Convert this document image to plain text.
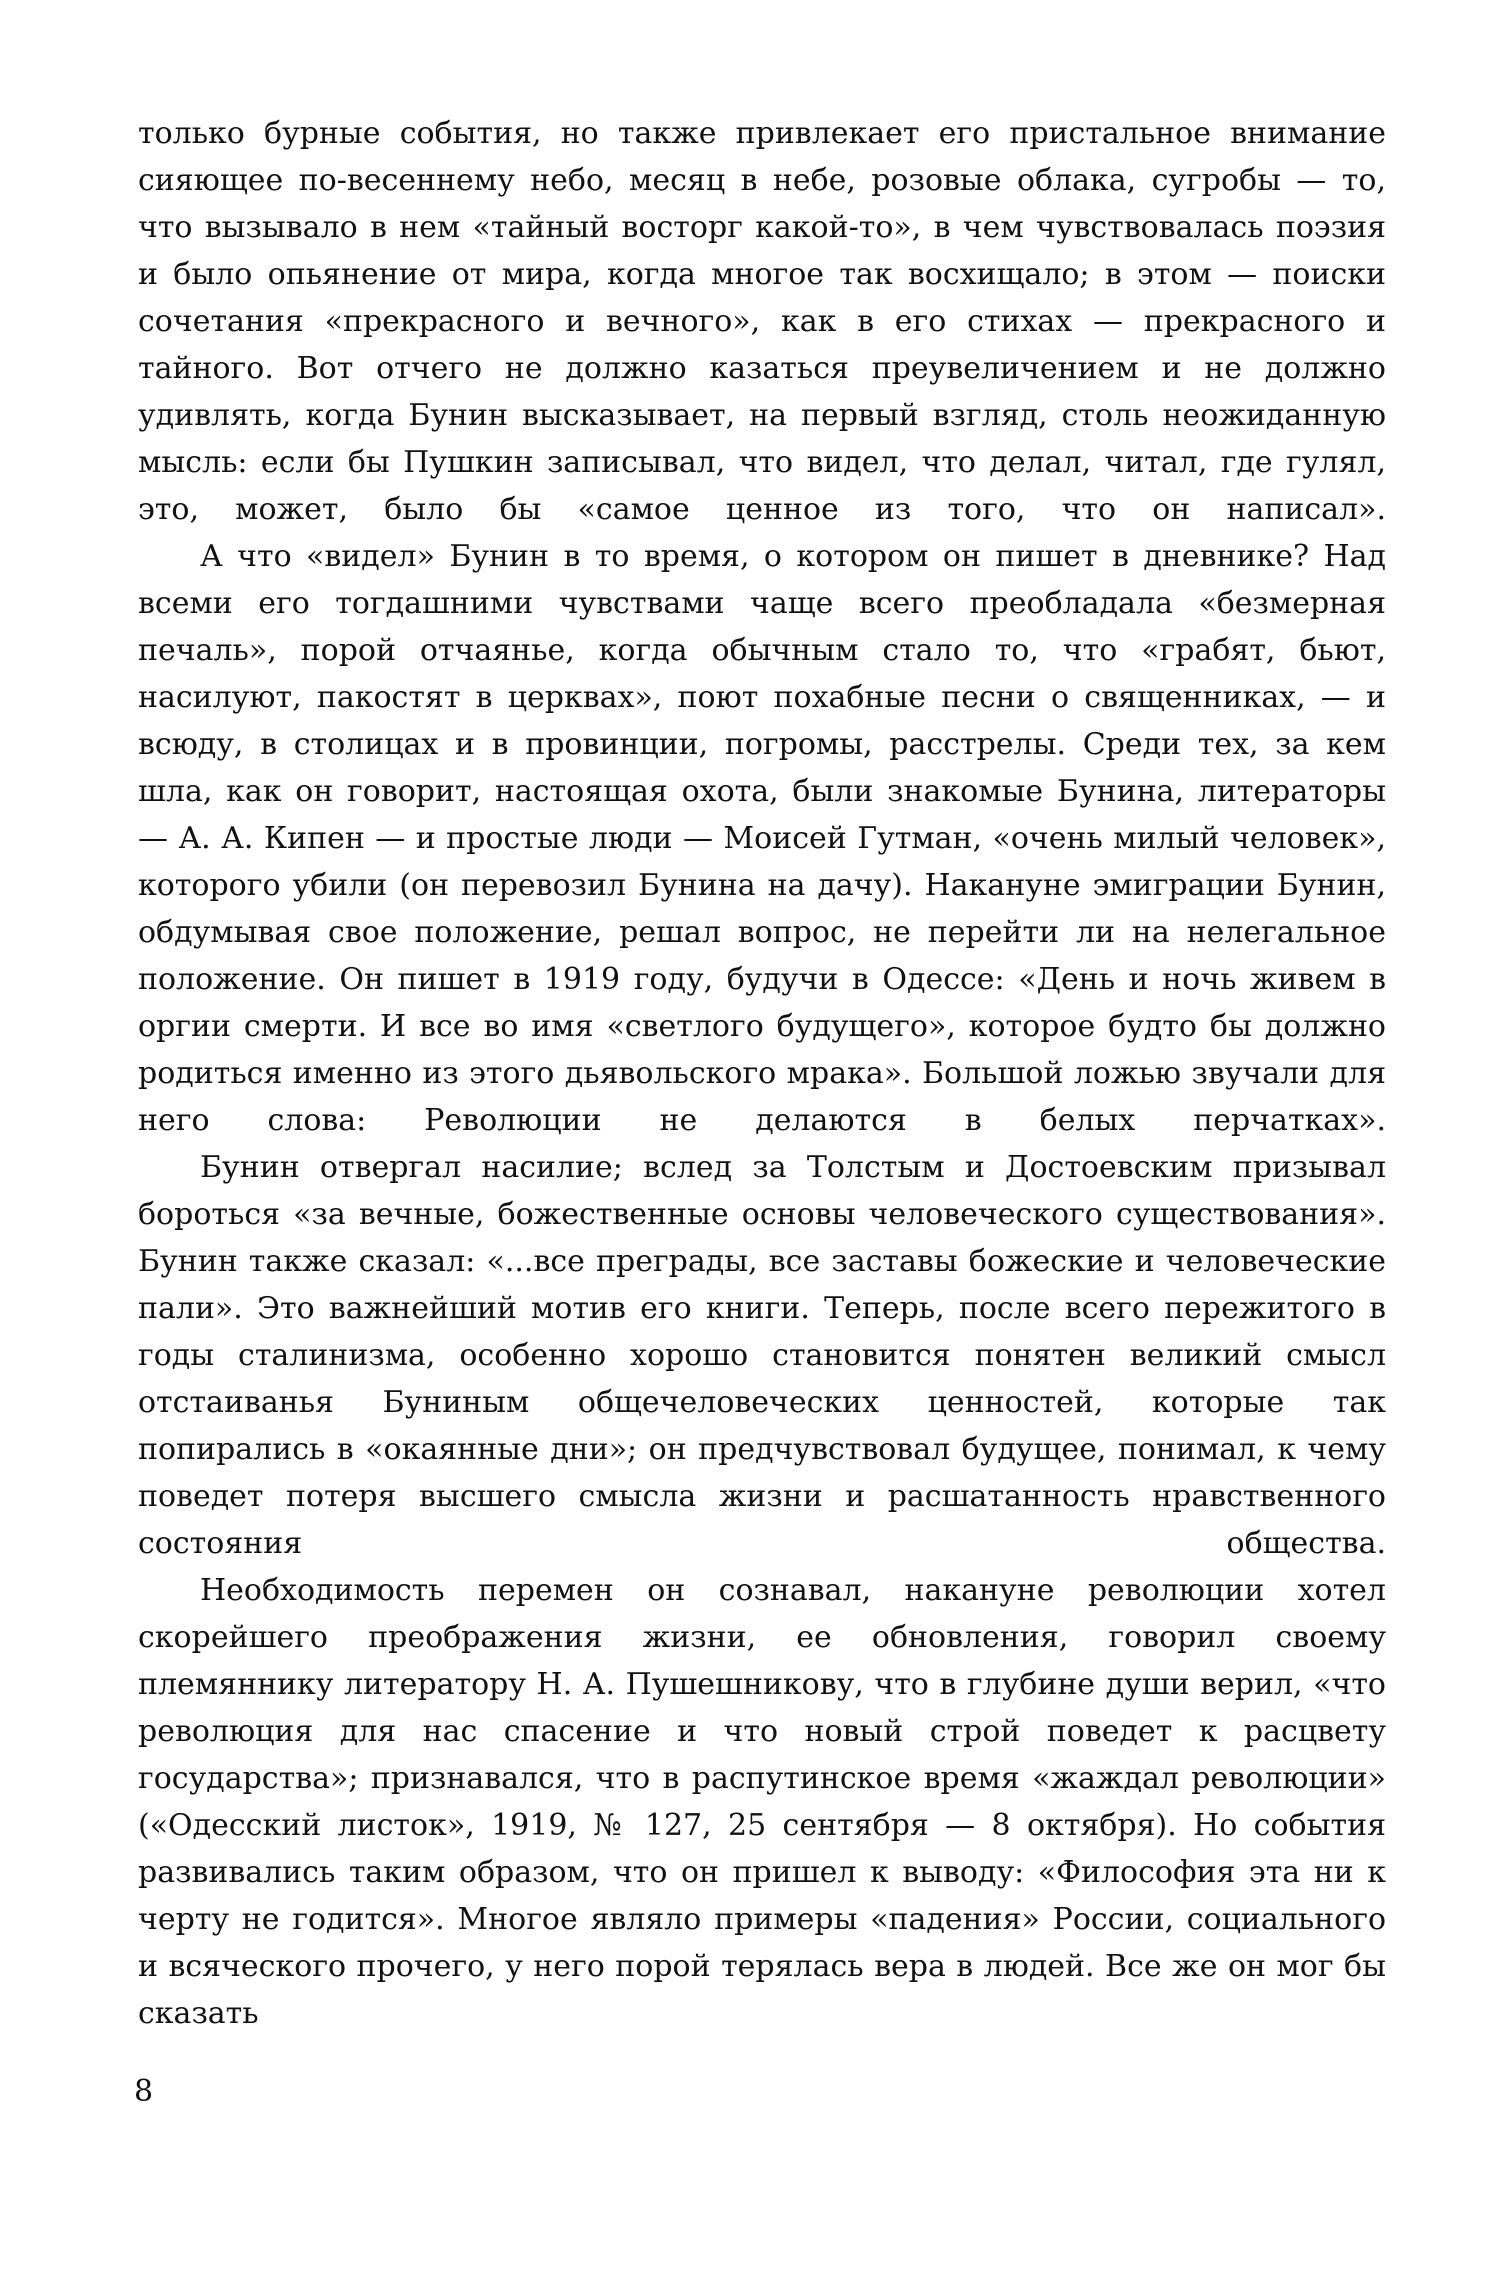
только бурные события, но также привлекает его пристальное внимание сияющее по-весеннему небо, месяц в небе, розовые облака, сугробы — то, что вызывало в нем «тайный восторг какой-то», в чем чувствовалась поэзия и было опьянение от мира, когда многое так восхищало; в этом — поиски сочетания «прекрасного и вечного», как в его стихах — прекрасного и тайного. Вот отчего не должно казаться преувеличением и не должно удивлять, когда Бунин высказывает, на первый взгляд, столь неожиданную мысль: если бы Пушкин записывал, что видел, что делал, читал, где гулял, это, может, было бы «самое ценное из того, что он написал».

А что «видел» Бунин в то время, о котором он пишет в дневнике? Над всеми его тогдашними чувствами чаще всего преобладала «безмерная печаль», порой отчаянье, когда обычным стало то, что «грабят, бьют, насилуют, пакостят в церквах», поют похабные песни о священниках, — и всюду, в столицах и в провинции, погромы, расстрелы. Среди тех, за кем шла, как он говорит, настоящая охота, были знакомые Бунина, литераторы — А. А. Кипен — и простые люди — Моисей Гутман, «очень милый человек», которого убили (он перевозил Бунина на дачу). Накануне эмиграции Бунин, обдумывая свое положение, решал вопрос, не перейти ли на нелегальное положение. Он пишет в 1919 году, будучи в Одессе: «День и ночь живем в оргии смерти. И все во имя «светлого будущего», которое будто бы должно родиться именно из этого дьявольского мрака». Большой ложью звучали для него слова: Революции не делаются в белых перчатках».

Бунин отвергал насилие; вслед за Толстым и Достоевским призывал бороться «за вечные, божественные основы человеческого существования». Бунин также сказал: «...все преграды, все заставы божеские и человеческие пали». Это важнейший мотив его книги. Теперь, после всего пережитого в годы сталинизма, особенно хорошо становится понятен великий смысл отстаиванья Буниным общечеловеческих ценностей, которые так попирались в «окаянные дни»; он предчувствовал будущее, понимал, к чему поведет потеря высшего смысла жизни и расшатанность нравственного состояния общества.

Необходимость перемен он сознавал, накануне революции хотел скорейшего преображения жизни, ее обновления, говорил своему племяннику литератору Н. А. Пушешникову, что в глубине души верил, «что революция для нас спасение и что новый строй поведет к расцвету государства»; признавался, что в распутинское время «жаждал революции» («Одесский листок», 1919, № 127, 25 сентября — 8 октября). Но события развивались таким образом, что он пришел к выводу: «Философия эта ни к черту не годится». Многое являло примеры «падения» России, социального и всяческого прочего, у него порой терялась вера в людей. Все же он мог бы сказать

8
